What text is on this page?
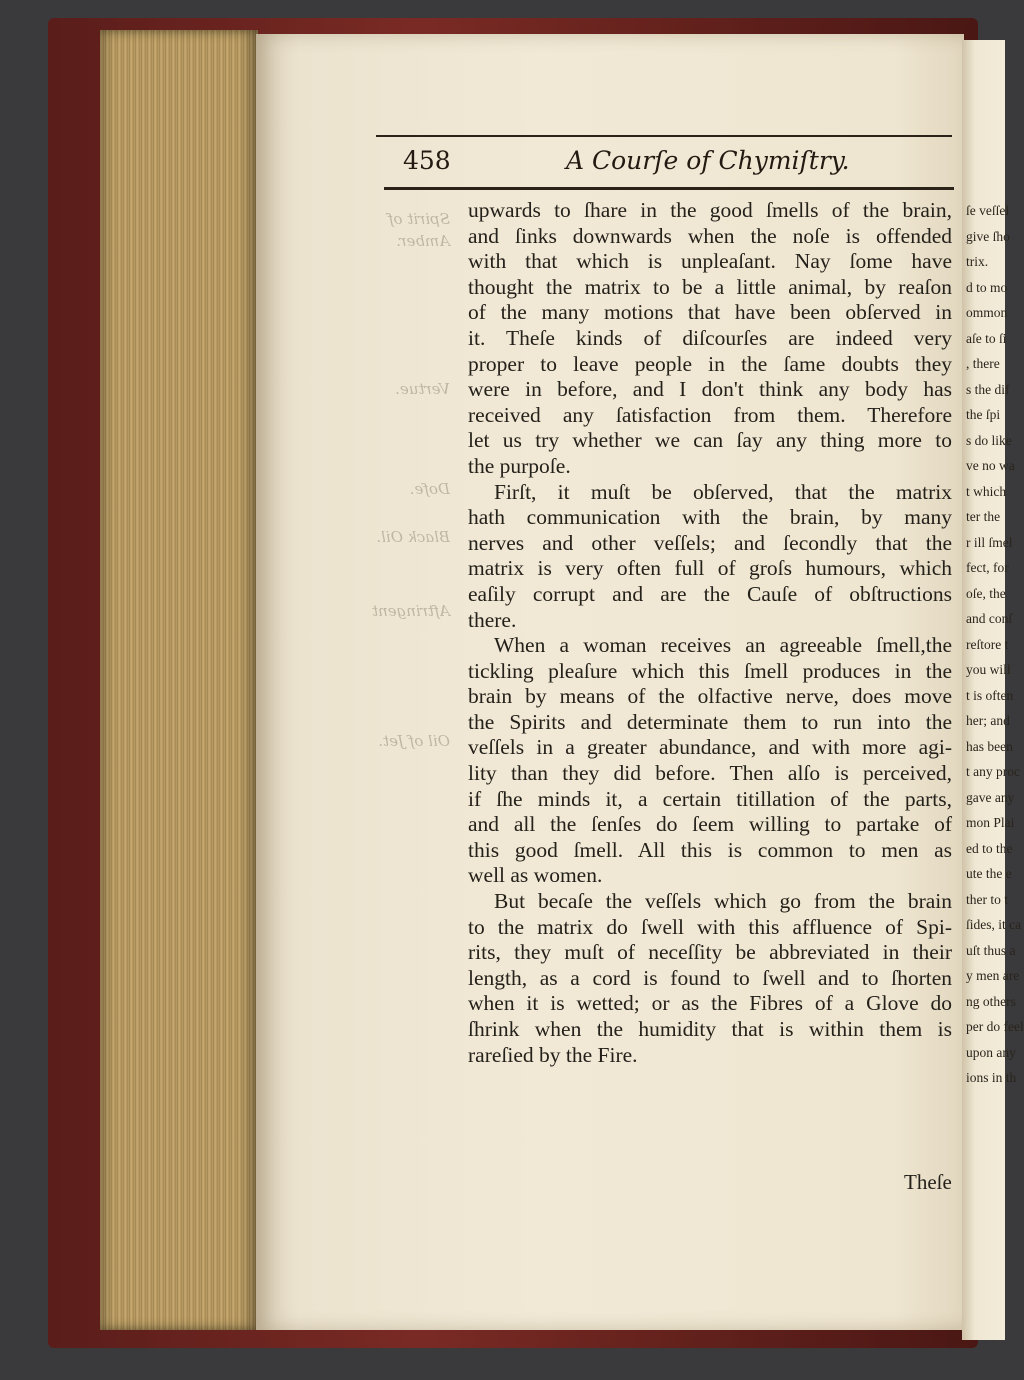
Spirit of
Amber.
Vertue.
Dofe.
Black Oil.
Aftringent
Oil of Jet.
458	A Courſe of Chymiſtry.
upwards to ſhare in the good ſmells of the brain,
and ſinks downwards when the noſe is offended
with that which is unpleaſant. Nay ſome have
thought the matrix to be a little animal, by reaſon
of the many motions that have been obſerved in
it. Theſe kinds of diſcourſes are indeed very
proper to leave people in the ſame doubts they
were in before, and I don't think any body has
received any ſatisfaction from them. Therefore
let us try whether we can ſay any thing more to
the purpoſe.
Firſt, it muſt be obſerved, that the matrix
hath communication with the brain, by many
nerves and other veſſels; and ſecondly that the
matrix is very often full of groſs humours, which
eaſily corrupt and are the Cauſe of obſtructions
there.
When a woman receives an agreeable ſmell,the
tickling pleaſure which this ſmell produces in the
brain by means of the olfactive nerve, does move
the Spirits and determinate them to run into the
veſſels in a greater abundance, and with more agi-
lity than they did before. Then alſo is perceived,
if ſhe minds it, a certain titillation of the parts,
and all the ſenſes do ſeem willing to partake of
this good ſmell. All this is common to men as
well as women.
But becaſe the veſſels which go from the brain
to the matrix do ſwell with this affluence of Spi-
rits, they muſt of neceſſity be abbreviated in their
length, as a cord is found to ſwell and to ſhorten
when it is wetted; or as the Fibres of a Glove do
ſhrink when the humidity that is within them is
rareſied by the Fire.
Theſe
ſe veſſel
give ſho
trix.
d to mo
ommon
aſe to ſi
, there
s the dif
the ſpi
s do like
ve no wa
t which
ter the
r ill ſmel
fect, for
oſe, the
and conſ
reſtore t
you will
t is often
her; and
has been
t any proc
gave any
mon Plai
ed to the
ute the e
ther to t
ſides, it ca
uſt thus a
y men are
ng others
per do feel
upon any
ions in th
